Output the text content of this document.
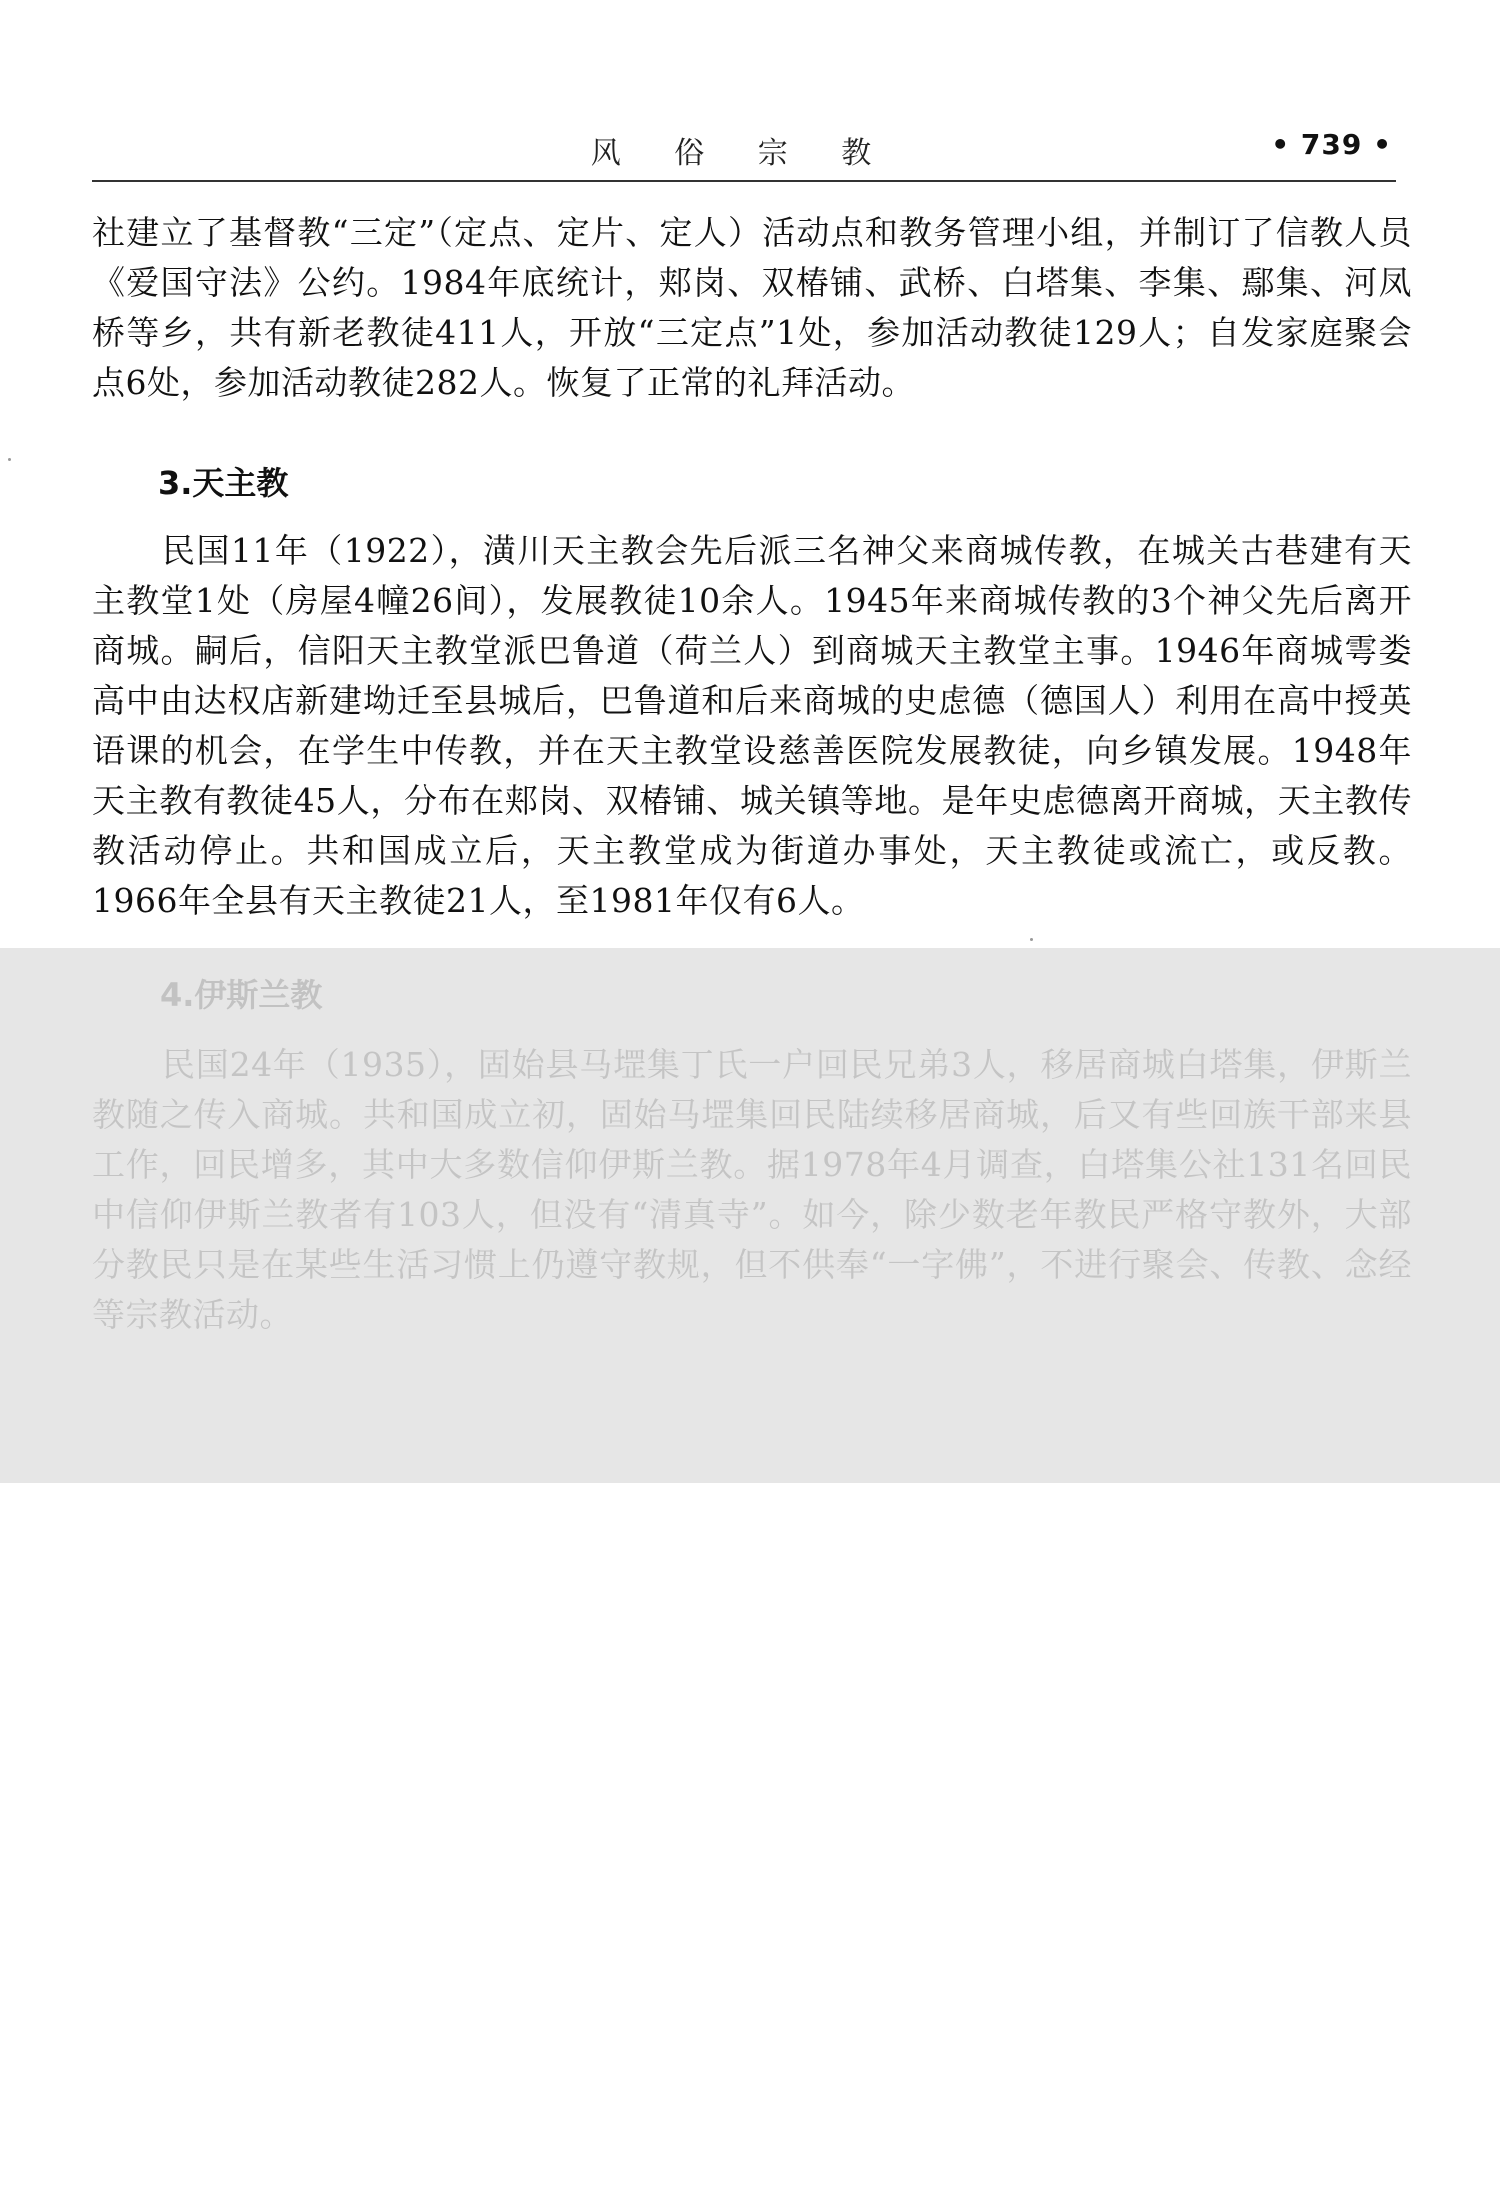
风 俗 宗 教	• 739 •

社建立了基督教“三定”（定点、定片、定人）活动点和教务管理小组，并制订了信教人员《爱国守法》公约。1984年底统计，郏岗、双椿铺、武桥、白塔集、李集、鄢集、河凤桥等乡，共有新老教徒411人，开放“三定点”1处，参加活动教徒129人；自发家庭聚会点6处，参加活动教徒282人。恢复了正常的礼拜活动。

3.天主教

民国11年（1922），潢川天主教会先后派三名神父来商城传教，在城关古巷建有天主教堂1处（房屋4幢26间），发展教徒10余人。1945年来商城传教的3个神父先后离开商城。嗣后，信阳天主教堂派巴鲁道（荷兰人）到商城天主教堂主事。1946年商城雩娄高中由达权店新建坳迁至县城后，巴鲁道和后来商城的史虑德（德国人）利用在高中授英语课的机会，在学生中传教，并在天主教堂设慈善医院发展教徒，向乡镇发展。1948年天主教有教徒45人，分布在郏岗、双椿铺、城关镇等地。是年史虑德离开商城，天主教传教活动停止。共和国成立后，天主教堂成为街道办事处，天主教徒或流亡，或反教。1966年全县有天主教徒21人，至1981年仅有6人。

4.伊斯兰教

民国24年（1935），固始县马堽集丁氏一户回民兄弟3人，移居商城白塔集，伊斯兰教随之传入商城。共和国成立初，固始马堽集回民陆续移居商城，后又有些回族干部来县工作，回民增多，其中大多数信仰伊斯兰教。据1978年4月调查，白塔集公社131名回民中信仰伊斯兰教者有103人，但没有“清真寺”。如今，除少数老年教民严格守教外，大部分教民只是在某些生活习惯上仍遵守教规，但不供奉“一字佛”，不进行聚会、传教、念经等宗教活动。
